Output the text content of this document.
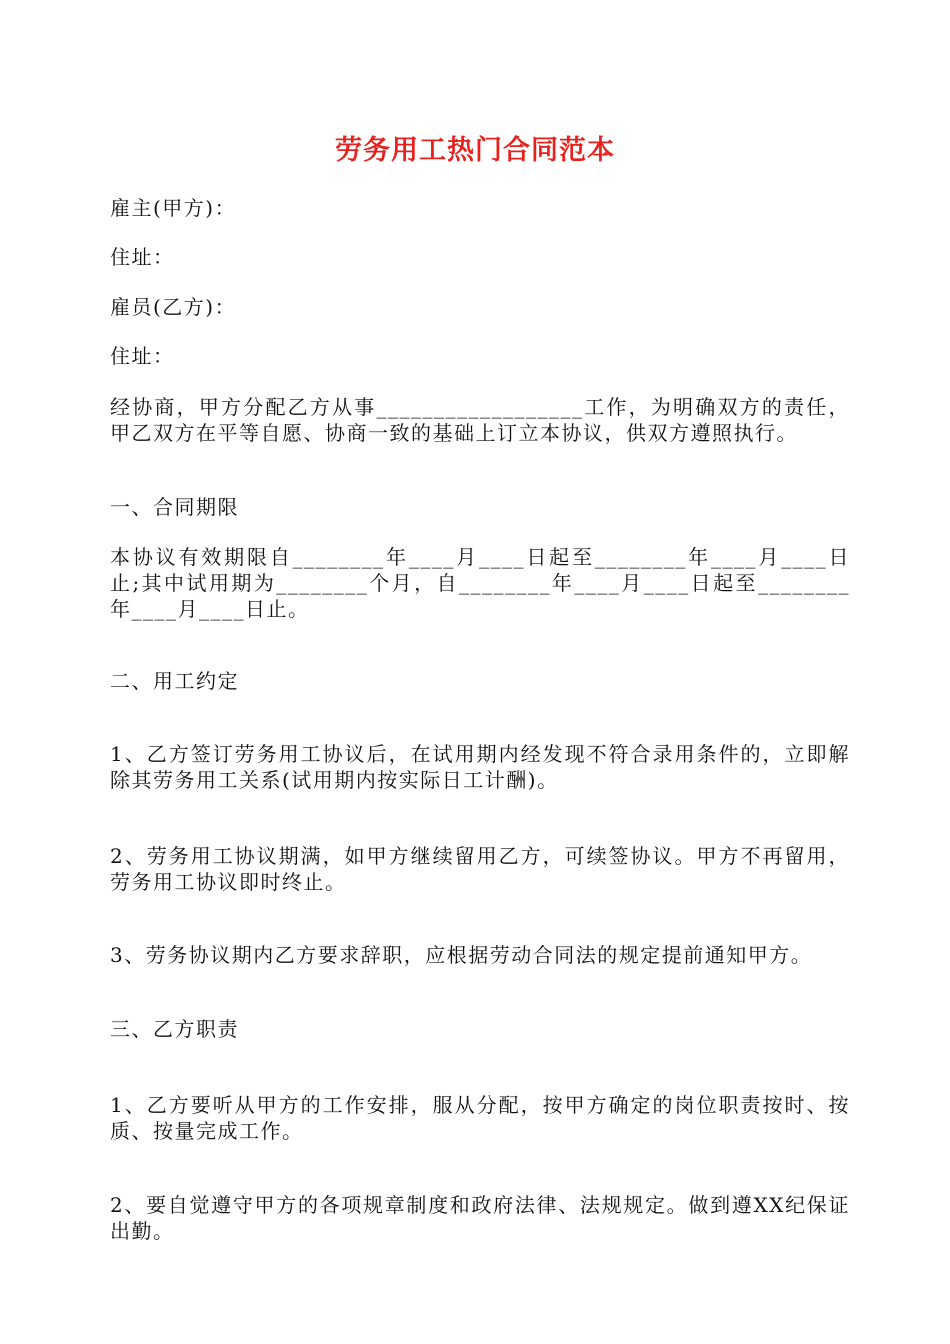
劳务用工热门合同范本
雇主(甲方)：
住址：
雇员(乙方)：
住址：
经协商，甲方分配乙方从事__________________工作，为明确双方的责任，甲乙双方在平等自愿、协商一致的基础上订立本协议，供双方遵照执行。
一、合同期限
本协议有效期限自________年____月____日起至________年____月____日止;其中试用期为________个月，自________年____月____日起至________年____月____日止。
二、用工约定
1、乙方签订劳务用工协议后，在试用期内经发现不符合录用条件的，立即解除其劳务用工关系(试用期内按实际日工计酬)。
2、劳务用工协议期满，如甲方继续留用乙方，可续签协议。甲方不再留用，劳务用工协议即时终止。
3、劳务协议期内乙方要求辞职，应根据劳动合同法的规定提前通知甲方。
三、乙方职责
1、乙方要听从甲方的工作安排，服从分配，按甲方确定的岗位职责按时、按质、按量完成工作。
2、要自觉遵守甲方的各项规章制度和政府法律、法规规定。做到遵XX纪保证出勤。
